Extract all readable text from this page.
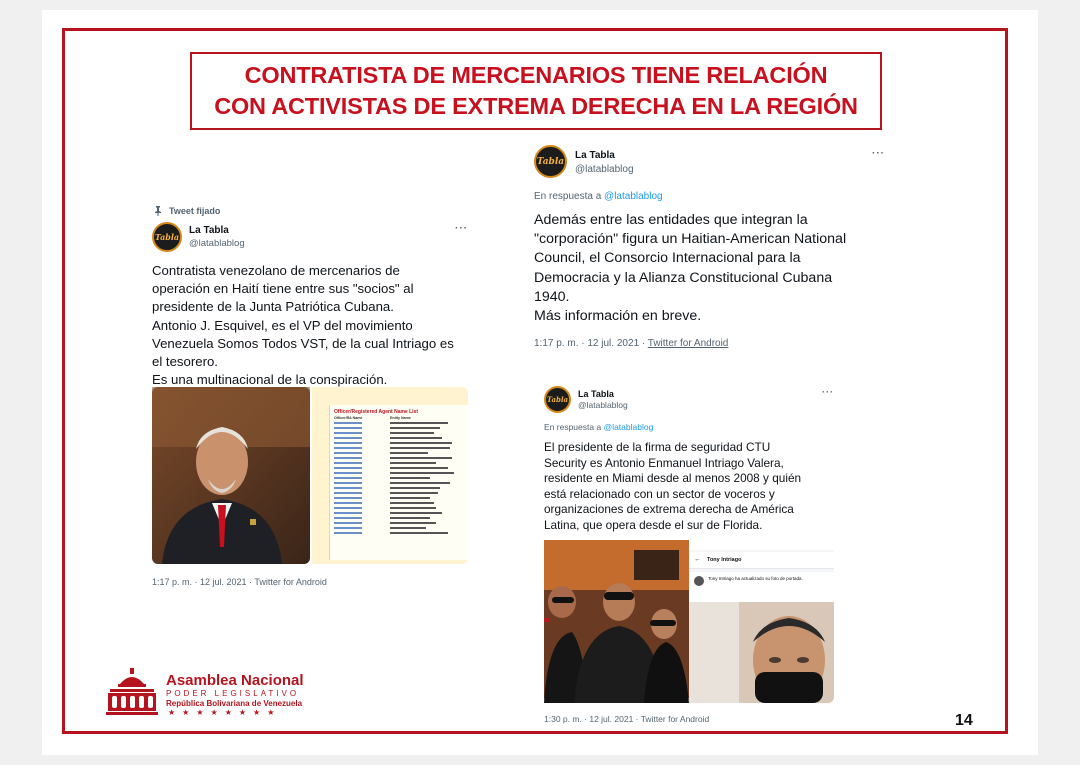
CONTRATISTA DE MERCENARIOS TIENE RELACIÓN
CON ACTIVISTAS DE EXTREMA DERECHA EN LA REGIÓN
Tweet fijado
Tabla
La Tabla
@latablablog
···
Contratista venezolano de mercenarios de
operación en Haití tiene entre sus "socios" al
presidente de la Junta Patriótica Cubana.
Antonio J. Esquivel, es el VP del movimiento
Venezuela Somos Todos VST, de la cual Intriago es
el tesorero.
Es una multinacional de la conspiración.
Officer/Registered Agent Name List
Officer/RA Name	Entity Name
1:17 p. m. · 12 jul. 2021 · Twitter for Android
Tabla
La Tabla
@latablablog
···
En respuesta a @latablablog
Además entre las entidades que integran la
"corporación" figura un Haitian-American National
Council, el Consorcio Internacional para la
Democracia y la Alianza Constitucional Cubana
1940.
Más información en breve.
1:17 p. m. · 12 jul. 2021 · Twitter for Android
Tabla
La Tabla
@latablablog
···
En respuesta a @latablablog
El presidente de la firma de seguridad CTU
Security es Antonio Enmanuel Intriago Valera,
residente en Miami desde al menos 2008 y quién
está relacionado con un sector de voceros y
organizaciones de extrema derecha de América
Latina, que opera desde el sur de Florida.
← Tony Intriago
Tony Intriago ha actualizado su foto de portada.
1:30 p. m. · 12 jul. 2021 · Twitter for Android
Asamblea Nacional
PODER LEGISLATIVO
República Bolivariana de Venezuela
★★★★★★★★	14
